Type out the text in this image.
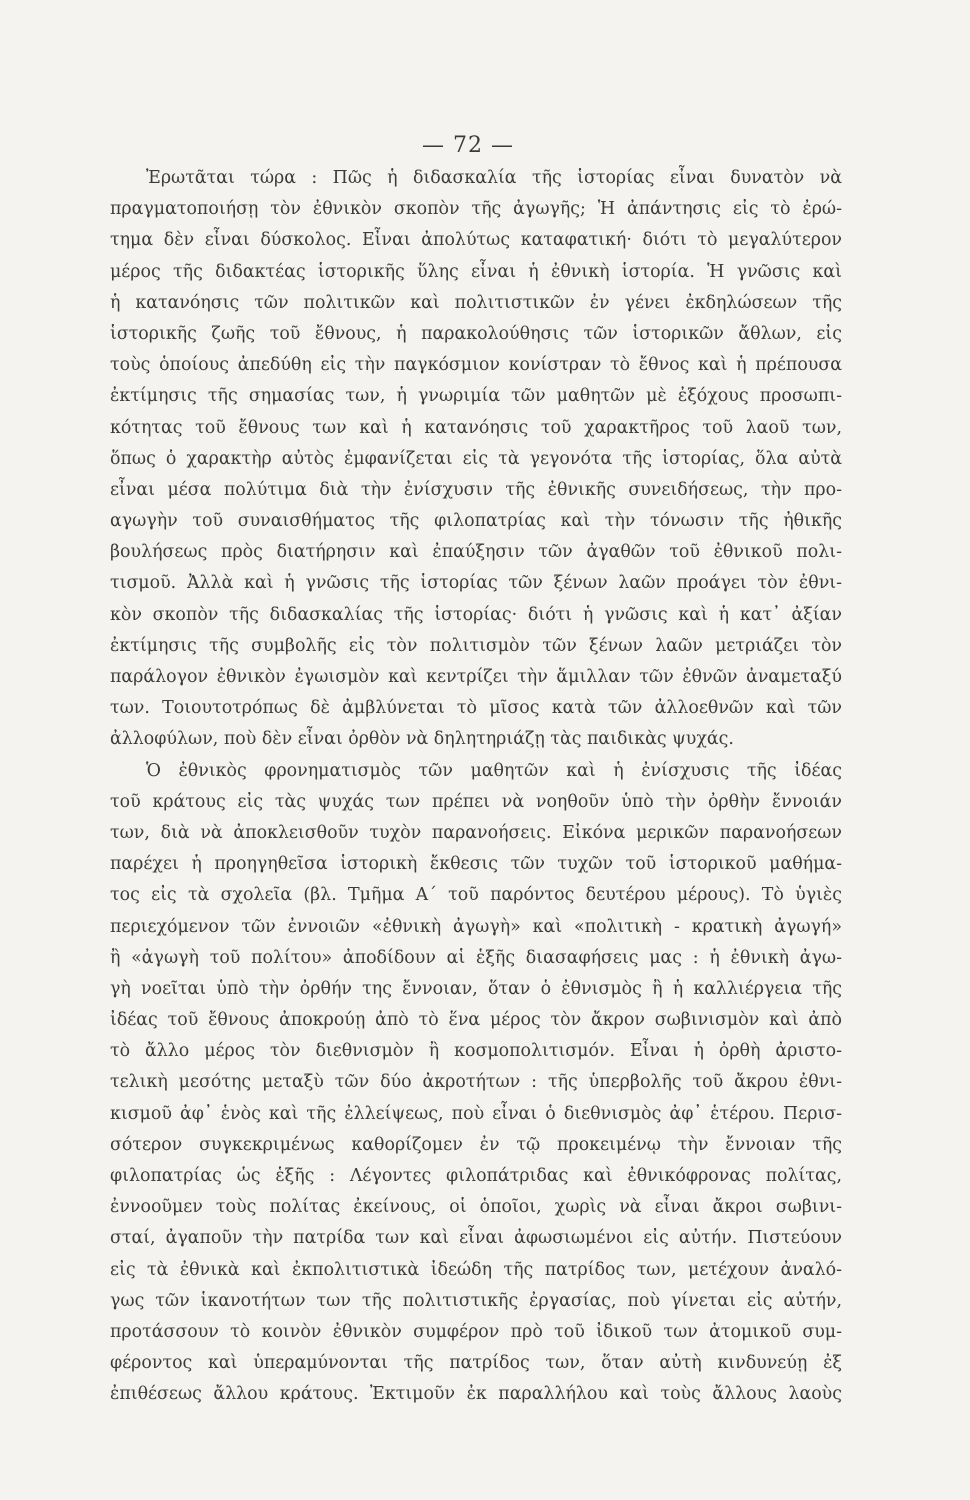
— 72 —
Ἐρωτᾶται τώρα : Πῶς ἡ διδασκαλία τῆς ἱστορίας εἶναι δυνατὸν νὰ
πραγματοποιήσῃ τὸν ἐθνικὸν σκοπὸν τῆς ἀγωγῆς; Ἡ ἀπάντησις εἰς τὸ ἐρώ-
τημα δὲν εἶναι δύσκολος. Εἶναι ἀπολύτως καταφατική· διότι τὸ μεγαλύτερον
μέρος τῆς διδακτέας ἱστορικῆς ὕλης εἶναι ἡ ἐθνικὴ ἱστορία. Ἡ γνῶσις καὶ
ἡ κατανόησις τῶν πολιτικῶν καὶ πολιτιστικῶν ἐν γένει ἐκδηλώσεων τῆς
ἱστορικῆς ζωῆς τοῦ ἔθνους, ἡ παρακολούθησις τῶν ἱστορικῶν ἄθλων, εἰς
τοὺς ὁποίους ἀπεδύθη εἰς τὴν παγκόσμιον κονίστραν τὸ ἔθνος καὶ ἡ πρέπουσα
ἐκτίμησις τῆς σημασίας των, ἡ γνωριμία τῶν μαθητῶν μὲ ἐξόχους προσωπι-
κότητας τοῦ ἔθνους των καὶ ἡ κατανόησις τοῦ χαρακτῆρος τοῦ λαοῦ των,
ὅπως ὁ χαρακτὴρ αὐτὸς ἐμφανίζεται εἰς τὰ γεγονότα τῆς ἱστορίας, ὅλα αὐτὰ
εἶναι μέσα πολύτιμα διὰ τὴν ἐνίσχυσιν τῆς ἐθνικῆς συνειδήσεως, τὴν προ-
αγωγὴν τοῦ συναισθήματος τῆς φιλοπατρίας καὶ τὴν τόνωσιν τῆς ἠθικῆς
βουλήσεως πρὸς διατήρησιν καὶ ἐπαύξησιν τῶν ἀγαθῶν τοῦ ἐθνικοῦ πολι-
τισμοῦ. Ἀλλὰ καὶ ἡ γνῶσις τῆς ἱστορίας τῶν ξένων λαῶν προάγει τὸν ἐθνι-
κὸν σκοπὸν τῆς διδασκαλίας τῆς ἱστορίας· διότι ἡ γνῶσις καὶ ἡ κατ᾽ ἀξίαν
ἐκτίμησις τῆς συμβολῆς εἰς τὸν πολιτισμὸν τῶν ξένων λαῶν μετριάζει τὸν
παράλογον ἐθνικὸν ἐγωισμὸν καὶ κεντρίζει τὴν ἅμιλλαν τῶν ἐθνῶν ἀναμεταξύ
των. Τοιουτοτρόπως δὲ ἀμβλύνεται τὸ μῖσος κατὰ τῶν ἀλλοεθνῶν καὶ τῶν
ἀλλοφύλων, ποὺ δὲν εἶναι ὀρθὸν νὰ δηλητηριάζῃ τὰς παιδικὰς ψυχάς.
Ὁ ἐθνικὸς φρονηματισμὸς τῶν μαθητῶν καὶ ἡ ἐνίσχυσις τῆς ἰδέας
τοῦ κράτους εἰς τὰς ψυχάς των πρέπει νὰ νοηθοῦν ὑπὸ τὴν ὀρθὴν ἔννοιάν
των, διὰ νὰ ἀποκλεισθοῦν τυχὸν παρανοήσεις. Εἰκόνα μερικῶν παρανοήσεων
παρέχει ἡ προηγηθεῖσα ἱστορικὴ ἔκθεσις τῶν τυχῶν τοῦ ἱστορικοῦ μαθήμα-
τος εἰς τὰ σχολεῖα (βλ. Τμῆμα Α΄ τοῦ παρόντος δευτέρου μέρους). Τὸ ὑγιὲς
περιεχόμενον τῶν ἐννοιῶν «ἐθνικὴ ἀγωγὴ» καὶ «πολιτικὴ - κρατικὴ ἀγωγή»
ἢ «ἀγωγὴ τοῦ πολίτου» ἀποδίδουν αἱ ἑξῆς διασαφήσεις μας : ἡ ἐθνικὴ ἀγω-
γὴ νοεῖται ὑπὸ τὴν ὀρθήν της ἔννοιαν, ὅταν ὁ ἐθνισμὸς ἢ ἡ καλλιέργεια τῆς
ἰδέας τοῦ ἔθνους ἀποκρούῃ ἀπὸ τὸ ἕνα μέρος τὸν ἄκρον σωβινισμὸν καὶ ἀπὸ
τὸ ἄλλο μέρος τὸν διεθνισμὸν ἢ κοσμοπολιτισμόν. Εἶναι ἡ ὀρθὴ ἀριστο-
τελικὴ μεσότης μεταξὺ τῶν δύο ἀκροτήτων : τῆς ὑπερβολῆς τοῦ ἄκρου ἐθνι-
κισμοῦ ἀφ᾽ ἑνὸς καὶ τῆς ἐλλείψεως, ποὺ εἶναι ὁ διεθνισμὸς ἀφ᾽ ἑτέρου. Περισ-
σότερον συγκεκριμένως καθορίζομεν ἐν τῷ προκειμένῳ τὴν ἔννοιαν τῆς
φιλοπατρίας ὡς ἑξῆς : Λέγοντες φιλοπάτριδας καὶ ἐθνικόφρονας πολίτας,
ἐννοοῦμεν τοὺς πολίτας ἐκείνους, οἱ ὁποῖοι, χωρὶς νὰ εἶναι ἄκροι σωβινι-
σταί, ἀγαποῦν τὴν πατρίδα των καὶ εἶναι ἀφωσιωμένοι εἰς αὐτήν. Πιστεύουν
εἰς τὰ ἐθνικὰ καὶ ἐκπολιτιστικὰ ἰδεώδη τῆς πατρίδος των, μετέχουν ἀναλό-
γως τῶν ἱκανοτήτων των τῆς πολιτιστικῆς ἐργασίας, ποὺ γίνεται εἰς αὐτήν,
προτάσσουν τὸ κοινὸν ἐθνικὸν συμφέρον πρὸ τοῦ ἰδικοῦ των ἀτομικοῦ συμ-
φέροντος καὶ ὑπεραμύνονται τῆς πατρίδος των, ὅταν αὐτὴ κινδυνεύῃ ἐξ
ἐπιθέσεως ἄλλου κράτους. Ἐκτιμοῦν ἐκ παραλλήλου καὶ τοὺς ἄλλους λαοὺς
